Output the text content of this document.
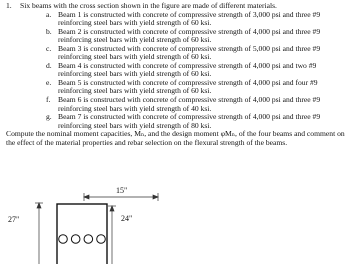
1.	Six beams with the cross section shown in the figure are made of different materials.
a. Beam 1 is constructed with concrete of compressive strength of 3,000 psi and three #9
reinforcing steel bars with yield strength of 60 ksi.
b. Beam 2 is constructed with concrete of compressive strength of 4,000 psi and three #9
reinforcing steel bars with yield strength of 60 ksi.
c. Beam 3 is constructed with concrete of compressive strength of 5,000 psi and three #9
reinforcing steel bars with yield strength of 60 ksi.
d. Beam 4 is constructed with concrete of compressive strength of 4,000 psi and two #9
reinforcing steel bars with yield strength of 60 ksi.
e. Beam 5 is constructed with concrete of compressive strength of 4,000 psi and four #9
reinforcing steel bars with yield strength of 60 ksi.
f. Beam 6 is constructed with concrete of compressive strength of 4,000 psi and three #9
reinforcing steel bars with yield strength of 40 ksi.
g. Beam 7 is constructed with concrete of compressive strength of 4,000 psi and three #9
reinforcing steel bars with yield strength of 80 ksi.
Compute the nominal moment capacities, Mₙ, and the design moment φMₙ, of the four beams and comment on the effect of the material properties and rebar selection on the flexural strength of the beams.
15"
27"	24"
